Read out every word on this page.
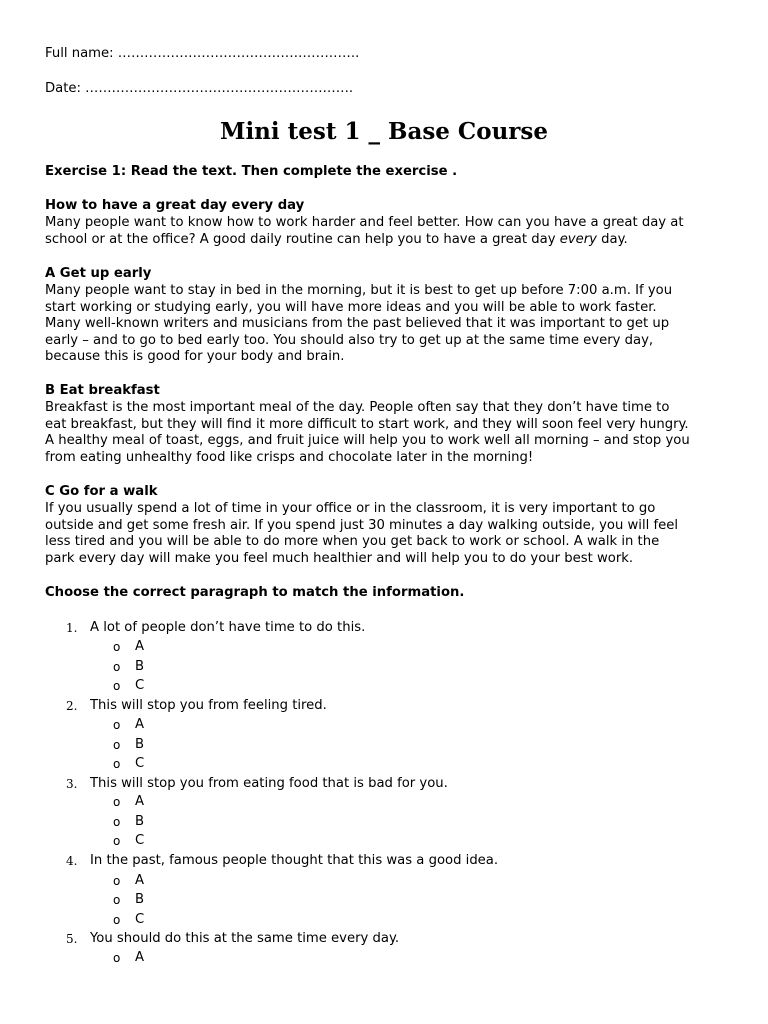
Full name: ……………………………………………….
Date: …………………………………………………….
Mini test 1 _ Base Course
Exercise 1: Read the text. Then complete the exercise .
How to have a great day every day

Many people want to know how to work harder and feel better. How can you have a great day at

school or at the office? A good daily routine can help you to have a great day every day.

A Get up early

Many people want to stay in bed in the morning, but it is best to get up before 7:00 a.m. If you

start working or studying early, you will have more ideas and you will be able to work faster.

Many well-known writers and musicians from the past believed that it was important to get up

early – and to go to bed early too. You should also try to get up at the same time every day,

because this is good for your body and brain.

B Eat breakfast

Breakfast is the most important meal of the day. People often say that they don’t have time to

eat breakfast, but they will find it more difficult to start work, and they will soon feel very hungry.

A healthy meal of toast, eggs, and fruit juice will help you to work well all morning – and stop you

from eating unhealthy food like crisps and chocolate later in the morning!

C Go for a walk

If you usually spend a lot of time in your office or in the classroom, it is very important to go

outside and get some fresh air. If you spend just 30 minutes a day walking outside, you will feel

less tired and you will be able to do more when you get back to work or school. A walk in the

park every day will make you feel much healthier and will help you to do your best work.

Choose the correct paragraph to match the information.
1. A lot of people don’t have time to do this.
o A
o B
o C
2. This will stop you from feeling tired.
o A
o B
o C
3. This will stop you from eating food that is bad for you.
o A
o B
o C
4. In the past, famous people thought that this was a good idea.
o A
o B
o C
5. You should do this at the same time every day.
o A
